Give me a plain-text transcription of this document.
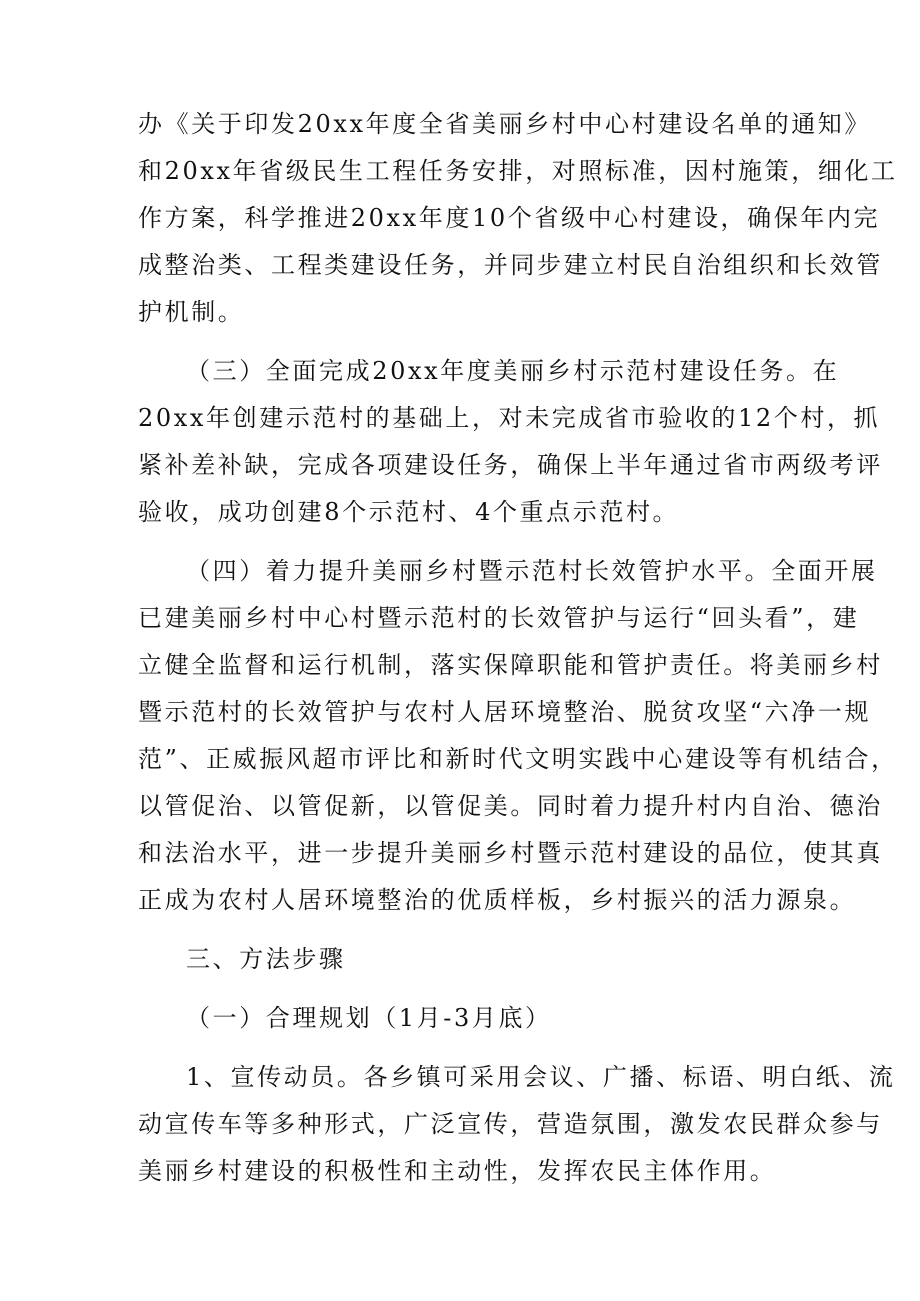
办《关于印发20xx年度全省美丽乡村中心村建设名单的通知》
和20xx年省级民生工程任务安排，对照标准，因村施策，细化工
作方案，科学推进20xx年度10个省级中心村建设，确保年内完
成整治类、工程类建设任务，并同步建立村民自治组织和长效管
护机制。
（三）全面完成20xx年度美丽乡村示范村建设任务。在
20xx年创建示范村的基础上，对未完成省市验收的12个村，抓
紧补差补缺，完成各项建设任务，确保上半年通过省市两级考评
验收，成功创建8个示范村、4个重点示范村。
（四）着力提升美丽乡村暨示范村长效管护水平。全面开展
已建美丽乡村中心村暨示范村的长效管护与运行“回头看”，建
立健全监督和运行机制，落实保障职能和管护责任。将美丽乡村
暨示范村的长效管护与农村人居环境整治、脱贫攻坚“六净一规
范”、正威振风超市评比和新时代文明实践中心建设等有机结合，
以管促治、以管促新，以管促美。同时着力提升村内自治、德治
和法治水平，进一步提升美丽乡村暨示范村建设的品位，使其真
正成为农村人居环境整治的优质样板，乡村振兴的活力源泉。
三、方法步骤
（一）合理规划（1月-3月底）
1、宣传动员。各乡镇可采用会议、广播、标语、明白纸、流
动宣传车等多种形式，广泛宣传，营造氛围，激发农民群众参与
美丽乡村建设的积极性和主动性，发挥农民主体作用。
